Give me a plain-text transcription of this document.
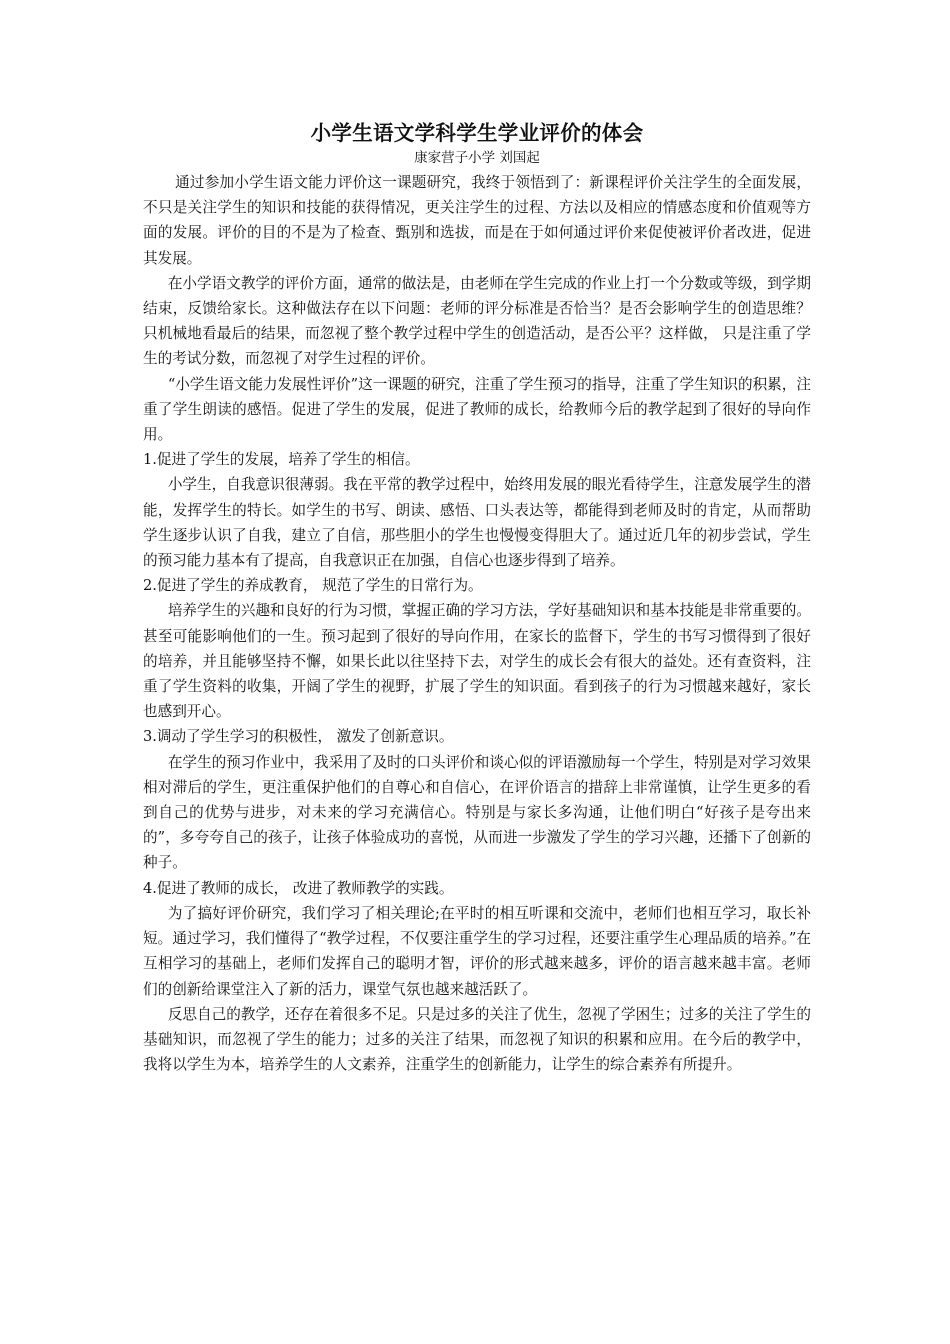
小学生语文学科学生学业评价的体会

康家营子小学 刘国起

通过参加小学生语文能力评价这一课题研究，我终于领悟到了：新课程评价关注学生的全面发展，不只是关注学生的知识和技能的获得情况，更关注学生的过程、方法以及相应的情感态度和价值观等方面的发展。评价的目的不是为了检查、甄别和选拔，而是在于如何通过评价来促使被评价者改进，促进其发展。

在小学语文教学的评价方面，通常的做法是，由老师在学生完成的作业上打一个分数或等级，到学期结束，反馈给家长。这种做法存在以下问题：老师的评分标准是否恰当？是否会影响学生的创造思维？只机械地看最后的结果，而忽视了整个教学过程中学生的创造活动，是否公平？这样做， 只是注重了学生的考试分数，而忽视了对学生过程的评价。

“小学生语文能力发展性评价”这一课题的研究，注重了学生预习的指导，注重了学生知识的积累，注重了学生朗读的感悟。促进了学生的发展，促进了教师的成长，给教师今后的教学起到了很好的导向作用。

1.促进了学生的发展，培养了学生的相信。

小学生，自我意识很薄弱。我在平常的教学过程中，始终用发展的眼光看待学生，注意发展学生的潜能，发挥学生的特长。如学生的书写、朗读、感悟、口头表达等，都能得到老师及时的肯定，从而帮助学生逐步认识了自我，建立了自信，那些胆小的学生也慢慢变得胆大了。通过近几年的初步尝试，学生的预习能力基本有了提高，自我意识正在加强，自信心也逐步得到了培养。

2.促进了学生的养成教育， 规范了学生的日常行为。

培养学生的兴趣和良好的行为习惯，掌握正确的学习方法，学好基础知识和基本技能是非常重要的。甚至可能影响他们的一生。预习起到了很好的导向作用，在家长的监督下，学生的书写习惯得到了很好的培养，并且能够坚持不懈，如果长此以往坚持下去，对学生的成长会有很大的益处。还有查资料，注重了学生资料的收集，开阔了学生的视野，扩展了学生的知识面。看到孩子的行为习惯越来越好，家长也感到开心。

3.调动了学生学习的积极性， 激发了创新意识。

在学生的预习作业中，我采用了及时的口头评价和谈心似的评语激励每一个学生，特别是对学习效果相对滞后的学生，更注重保护他们的自尊心和自信心，在评价语言的措辞上非常谨慎，让学生更多的看到自己的优势与进步，对未来的学习充满信心。特别是与家长多沟通，让他们明白“好孩子是夸出来的”，多夸夸自己的孩子，让孩子体验成功的喜悦，从而进一步激发了学生的学习兴趣，还播下了创新的种子。

4.促进了教师的成长， 改进了教师教学的实践。

为了搞好评价研究，我们学习了相关理论;在平时的相互听课和交流中，老师们也相互学习，取长补短。通过学习，我们懂得了“教学过程，不仅要注重学生的学习过程，还要注重学生心理品质的培养。”在互相学习的基础上，老师们发挥自己的聪明才智，评价的形式越来越多，评价的语言越来越丰富。老师们的创新给课堂注入了新的活力，课堂气氛也越来越活跃了。

反思自己的教学，还存在着很多不足。只是过多的关注了优生，忽视了学困生；过多的关注了学生的基础知识，而忽视了学生的能力；过多的关注了结果，而忽视了知识的积累和应用。在今后的教学中，我将以学生为本，培养学生的人文素养，注重学生的创新能力，让学生的综合素养有所提升。
